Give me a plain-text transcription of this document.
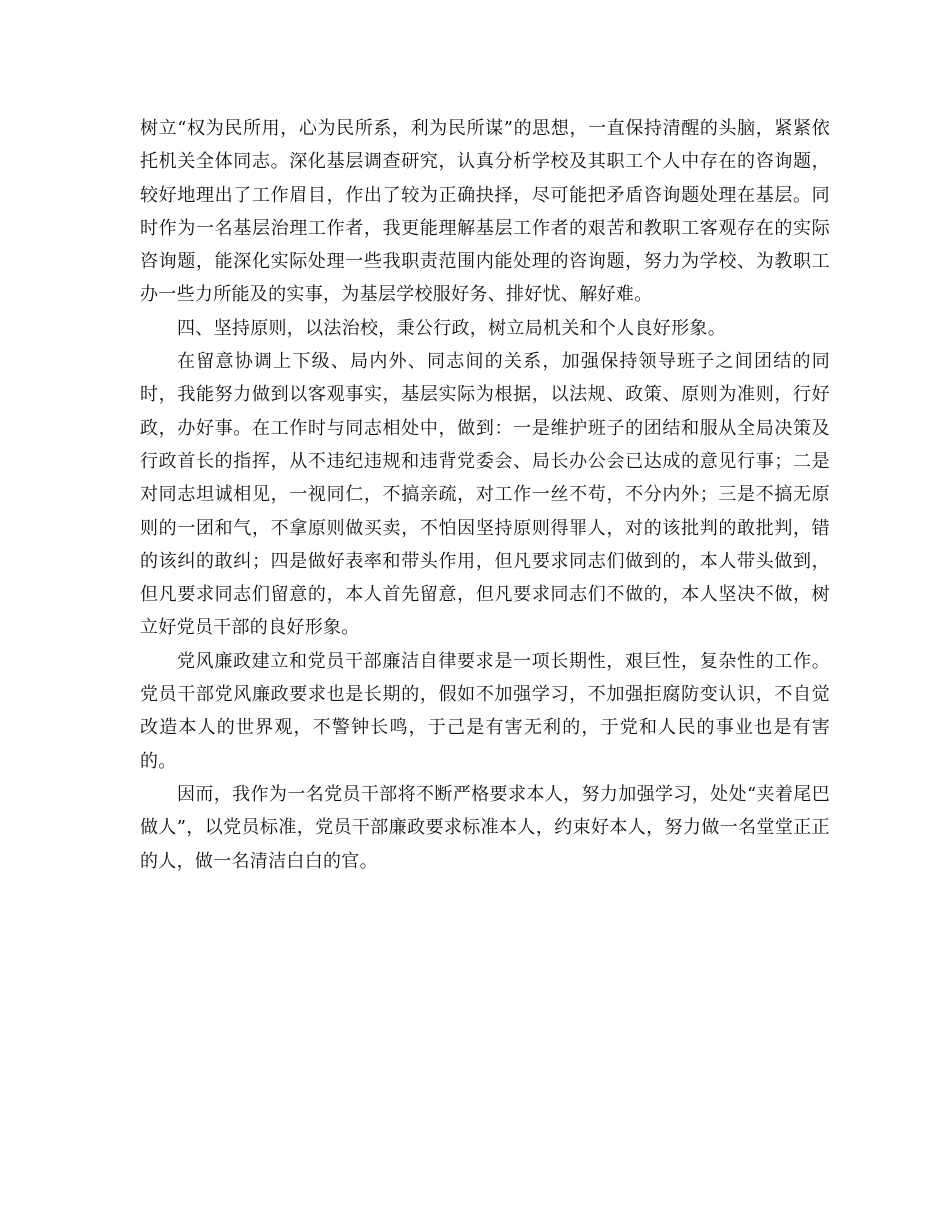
树立“权为民所用，心为民所系，利为民所谋”的思想，一直保持清醒的头脑，紧紧依托机关全体同志。深化基层调查研究，认真分析学校及其职工个人中存在的咨询题，较好地理出了工作眉目，作出了较为正确抉择，尽可能把矛盾咨询题处理在基层。同时作为一名基层治理工作者，我更能理解基层工作者的艰苦和教职工客观存在的实际咨询题，能深化实际处理一些我职责范围内能处理的咨询题，努力为学校、为教职工办一些力所能及的实事，为基层学校服好务、排好忧、解好难。

四、坚持原则，以法治校，秉公行政，树立局机关和个人良好形象。

在留意协调上下级、局内外、同志间的关系，加强保持领导班子之间团结的同时，我能努力做到以客观事实，基层实际为根据，以法规、政策、原则为准则，行好政，办好事。在工作时与同志相处中，做到：一是维护班子的团结和服从全局决策及行政首长的指挥，从不违纪违规和违背党委会、局长办公会已达成的意见行事；二是对同志坦诚相见，一视同仁，不搞亲疏，对工作一丝不苟，不分内外；三是不搞无原则的一团和气，不拿原则做买卖，不怕因坚持原则得罪人，对的该批判的敢批判，错的该纠的敢纠；四是做好表率和带头作用，但凡要求同志们做到的，本人带头做到，但凡要求同志们留意的，本人首先留意，但凡要求同志们不做的，本人坚决不做，树立好党员干部的良好形象。

党风廉政建立和党员干部廉洁自律要求是一项长期性，艰巨性，复杂性的工作。党员干部党风廉政要求也是长期的，假如不加强学习，不加强拒腐防变认识，不自觉改造本人的世界观，不警钟长鸣，于己是有害无利的，于党和人民的事业也是有害的。

因而，我作为一名党员干部将不断严格要求本人，努力加强学习，处处“夹着尾巴做人”，以党员标准，党员干部廉政要求标准本人，约束好本人，努力做一名堂堂正正的人，做一名清洁白白的官。
